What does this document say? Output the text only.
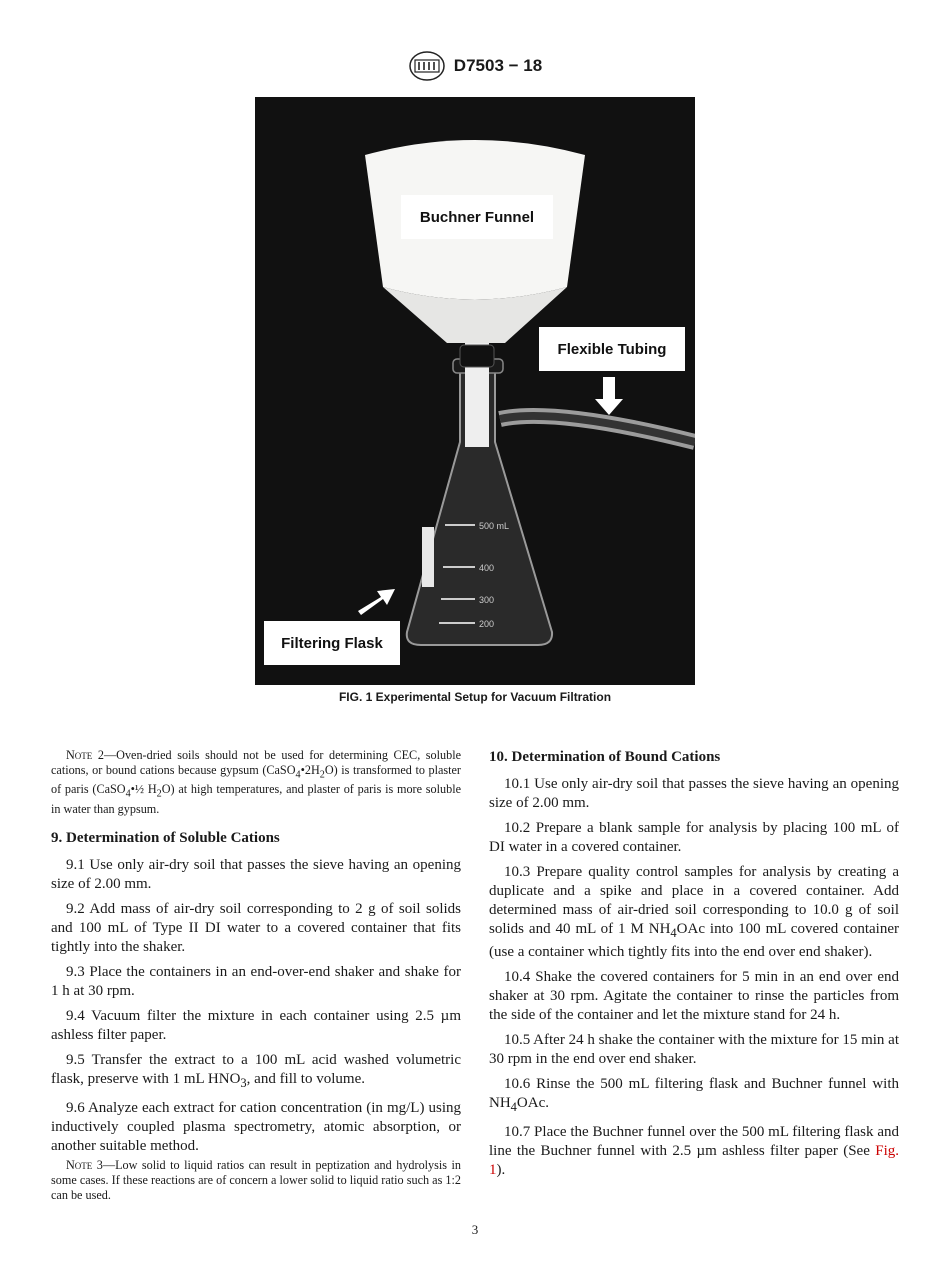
D7503 − 18
500 mL
400
300
200
Buchner Funnel
Flexible Tubing
Filtering Flask
FIG. 1 Experimental Setup for Vacuum Filtration

Note 2—Oven-dried soils should not be used for determining CEC, soluble cations, or bound cations because gypsum $(CaSO_4•2H_2O)$ is transformed to plaster of paris (CaSO$_4$•½ $H_2O$) at high temperatures, and plaster of paris is more soluble in water than gypsum.

9. Determination of Soluble Cations

9.1 Use only air-dry soil that passes the sieve having an opening size of 2.00 mm.

9.2 Add mass of air-dry soil corresponding to 2 g of soil solids and 100 mL of Type II DI water to a covered container that fits tightly into the shaker.

9.3 Place the containers in an end-over-end shaker and shake for 1 h at 30 rpm.

9.4 Vacuum filter the mixture in each container using 2.5 µm ashless filter paper.

9.5 Transfer the extract to a 100 mL acid washed volumetric flask, preserve with 1 mL $HNO_3$, and fill to volume.

9.6 Analyze each extract for cation concentration (in mg/L) using inductively coupled plasma spectrometry, atomic absorption, or another suitable method.

Note 3—Low solid to liquid ratios can result in peptization and hydrolysis in some cases. If these reactions are of concern a lower solid to liquid ratio such as 1:2 can be used.

10. Determination of Bound Cations

10.1 Use only air-dry soil that passes the sieve having an opening size of 2.00 mm.

10.2 Prepare a blank sample for analysis by placing 100 mL of DI water in a covered container.

10.3 Prepare quality control samples for analysis by creating a duplicate and a spike and place in a covered container. Add determined mass of air-dried soil corresponding to 10.0 g of soil solids and 40 mL of 1 M $NH_4OAc$ into 100 mL covered container (use a container which tightly fits into the end over end shaker).

10.4 Shake the covered containers for 5 min in an end over end shaker at 30 rpm. Agitate the container to rinse the particles from the side of the container and let the mixture stand for 24 h.

10.5 After 24 h shake the container with the mixture for 15 min at 30 rpm in the end over end shaker.

10.6 Rinse the 500 mL filtering flask and Buchner funnel with $NH_4OAc$.

10.7 Place the Buchner funnel over the 500 mL filtering flask and line the Buchner funnel with 2.5 µm ashless filter paper (See Fig. 1).

3
